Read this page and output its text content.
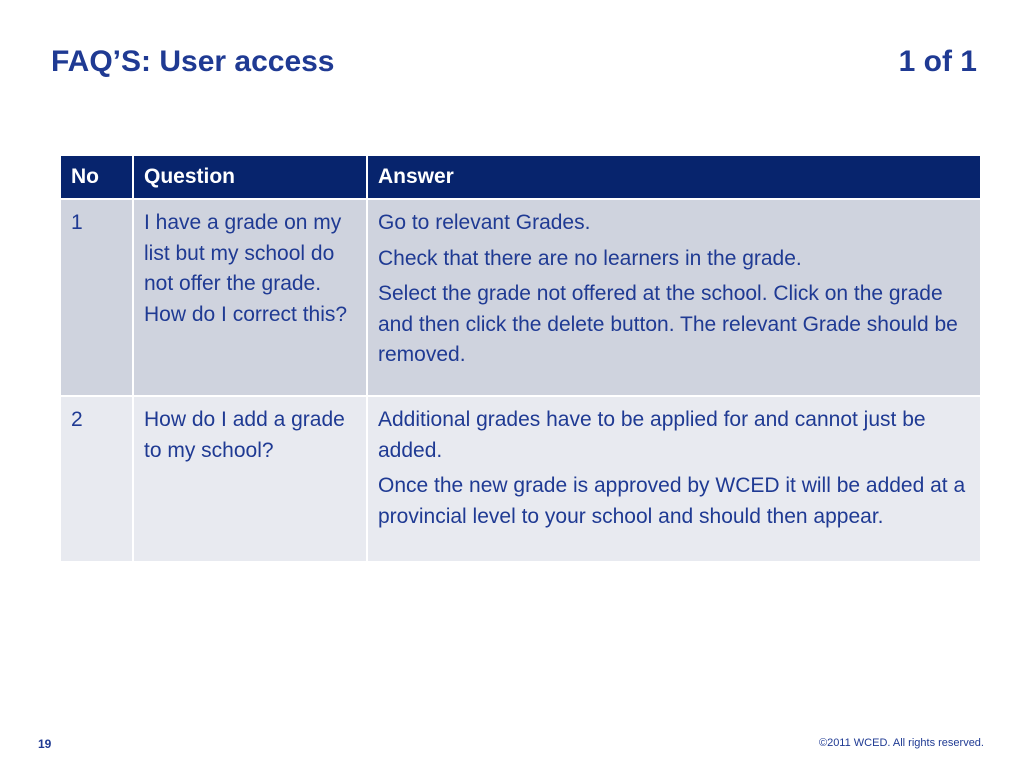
FAQ’S: User access	1 of 1
No	Question	Answer
1	I have a grade on my list but my school do not offer the grade. How do I correct this?	Go to relevant Grades.

Check that there are no learners in the grade.

Select the grade not offered at the school. Click on the grade and then click the delete button. The relevant Grade should be removed.

2	How do I add a grade to my school?	Additional grades have to be applied for and cannot just be added.

Once the new grade is approved by WCED it will be added at a provincial level to your school and should then appear.

19	©2011 WCED. All rights reserved.
